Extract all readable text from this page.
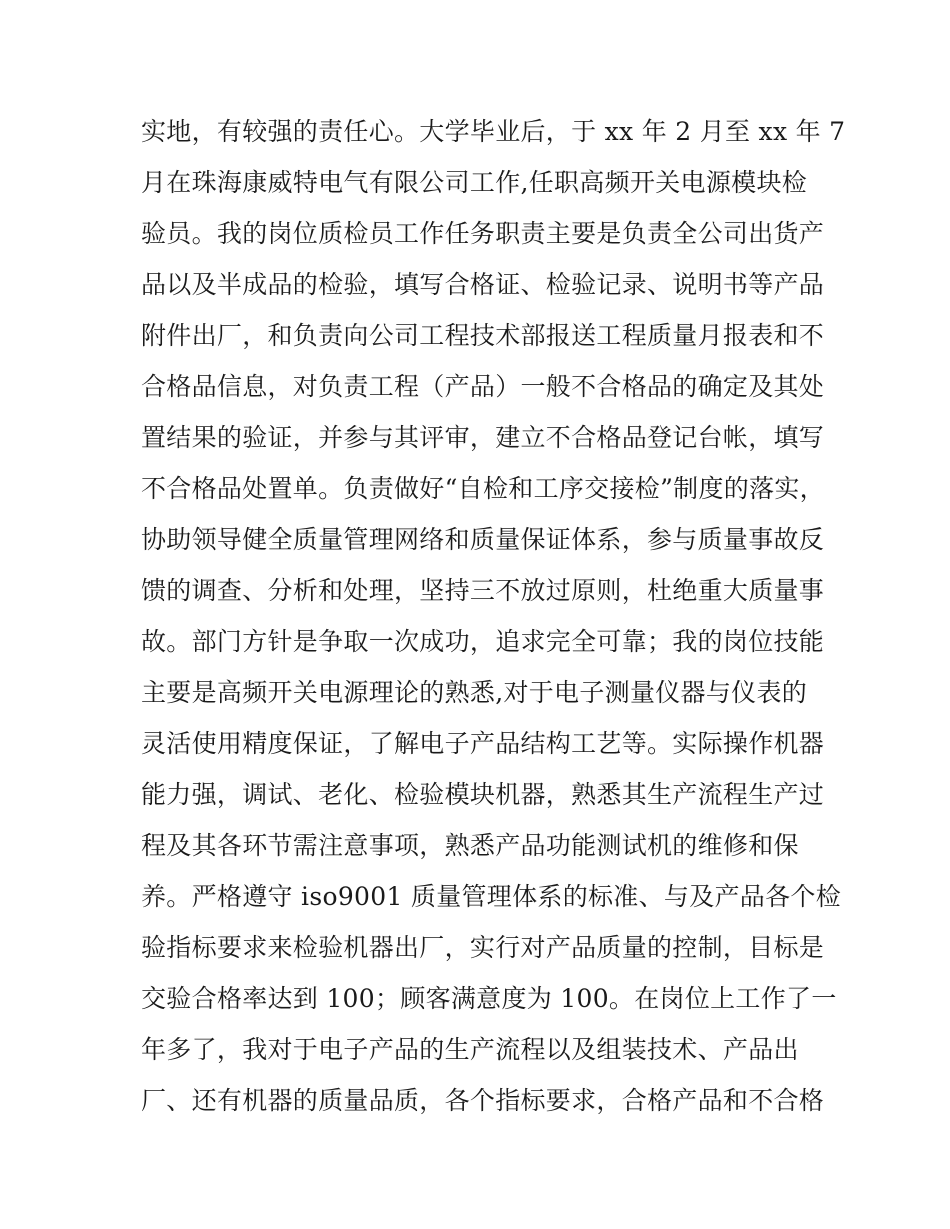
实地，有较强的责任心。大学毕业后，于 xx 年 2 月至 xx 年 7
月在珠海康威特电气有限公司工作,任职高频开关电源模块检
验员。我的岗位质检员工作任务职责主要是负责全公司出货产
品以及半成品的检验，填写合格证、检验记录、说明书等产品
附件出厂，和负责向公司工程技术部报送工程质量月报表和不
合格品信息，对负责工程（产品）一般不合格品的确定及其处
置结果的验证，并参与其评审，建立不合格品登记台帐，填写
不合格品处置单。负责做好“自检和工序交接检”制度的落实，
协助领导健全质量管理网络和质量保证体系，参与质量事故反
馈的调查、分析和处理，坚持三不放过原则，杜绝重大质量事
故。部门方针是争取一次成功，追求完全可靠；我的岗位技能
主要是高频开关电源理论的熟悉,对于电子测量仪器与仪表的
灵活使用精度保证，了解电子产品结构工艺等。实际操作机器
能力强，调试、老化、检验模块机器，熟悉其生产流程生产过
程及其各环节需注意事项，熟悉产品功能测试机的维修和保
养。严格遵守 iso9001 质量管理体系的标准、与及产品各个检
验指标要求来检验机器出厂，实行对产品质量的控制，目标是
交验合格率达到 100；顾客满意度为 100。在岗位上工作了一
年多了，我对于电子产品的生产流程以及组装技术、产品出
厂、还有机器的质量品质，各个指标要求，合格产品和不合格
